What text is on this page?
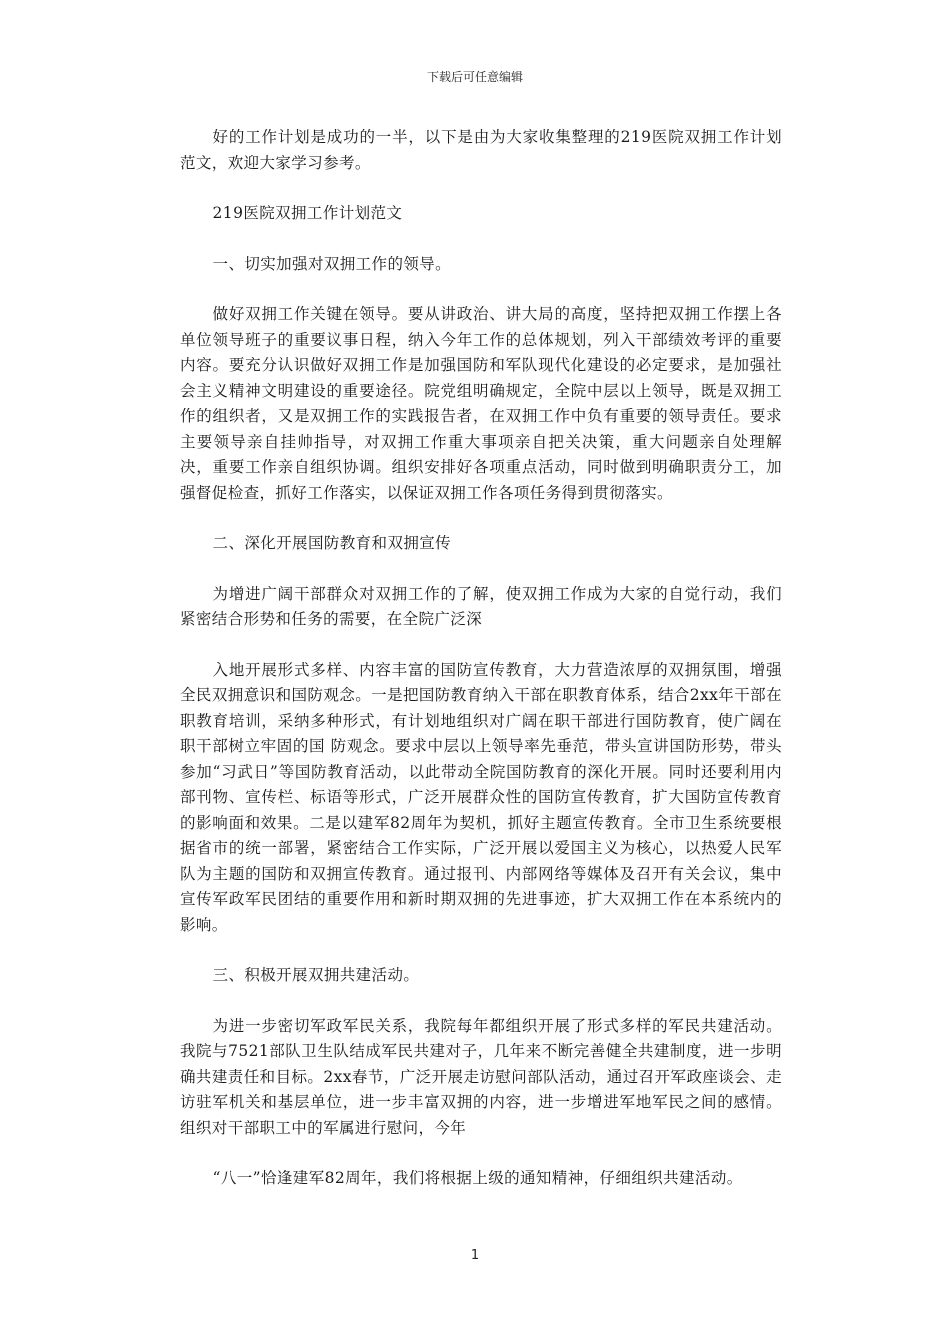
下载后可任意编辑

好的工作计划是成功的一半，以下是由为大家收集整理的219医院双拥工作计划范文，欢迎大家学习参考。

219医院双拥工作计划范文

一、切实加强对双拥工作的领导。

做好双拥工作关键在领导。要从讲政治、讲大局的高度，坚持把双拥工作摆上各单位领导班子的重要议事日程，纳入今年工作的总体规划，列入干部绩效考评的重要内容。要充分认识做好双拥工作是加强国防和军队现代化建设的必定要求，是加强社会主义精神文明建设的重要途径。院党组明确规定，全院中层以上领导，既是双拥工作的组织者，又是双拥工作的实践报告者，在双拥工作中负有重要的领导责任。要求主要领导亲自挂帅指导，对双拥工作重大事项亲自把关决策，重大问题亲自处理解决，重要工作亲自组织协调。组织安排好各项重点活动，同时做到明确职责分工，加强督促检查，抓好工作落实，以保证双拥工作各项任务得到贯彻落实。

二、深化开展国防教育和双拥宣传

为增进广阔干部群众对双拥工作的了解，使双拥工作成为大家的自觉行动，我们紧密结合形势和任务的需要，在全院广泛深

入地开展形式多样、内容丰富的国防宣传教育，大力营造浓厚的双拥氛围，增强全民双拥意识和国防观念。一是把国防教育纳入干部在职教育体系，结合2xx年干部在职教育培训，采纳多种形式，有计划地组织对广阔在职干部进行国防教育，使广阔在职干部树立牢固的国 防观念。要求中层以上领导率先垂范，带头宣讲国防形势，带头参加“习武日”等国防教育活动，以此带动全院国防教育的深化开展。同时还要利用内部刊物、宣传栏、标语等形式，广泛开展群众性的国防宣传教育，扩大国防宣传教育的影响面和效果。二是以建军82周年为契机，抓好主题宣传教育。全市卫生系统要根据省市的统一部署，紧密结合工作实际，广泛开展以爱国主义为核心，以热爱人民军队为主题的国防和双拥宣传教育。通过报刊、内部网络等媒体及召开有关会议，集中宣传军政军民团结的重要作用和新时期双拥的先进事迹，扩大双拥工作在本系统内的影响。

三、积极开展双拥共建活动。

为进一步密切军政军民关系，我院每年都组织开展了形式多样的军民共建活动。我院与7521部队卫生队结成军民共建对子，几年来不断完善健全共建制度，进一步明确共建责任和目标。2xx春节，广泛开展走访慰问部队活动，通过召开军政座谈会、走访驻军机关和基层单位，进一步丰富双拥的内容，进一步增进军地军民之间的感情。组织对干部职工中的军属进行慰问，今年

“八一”恰逢建军82周年，我们将根据上级的通知精神，仔细组织共建活动。

1
